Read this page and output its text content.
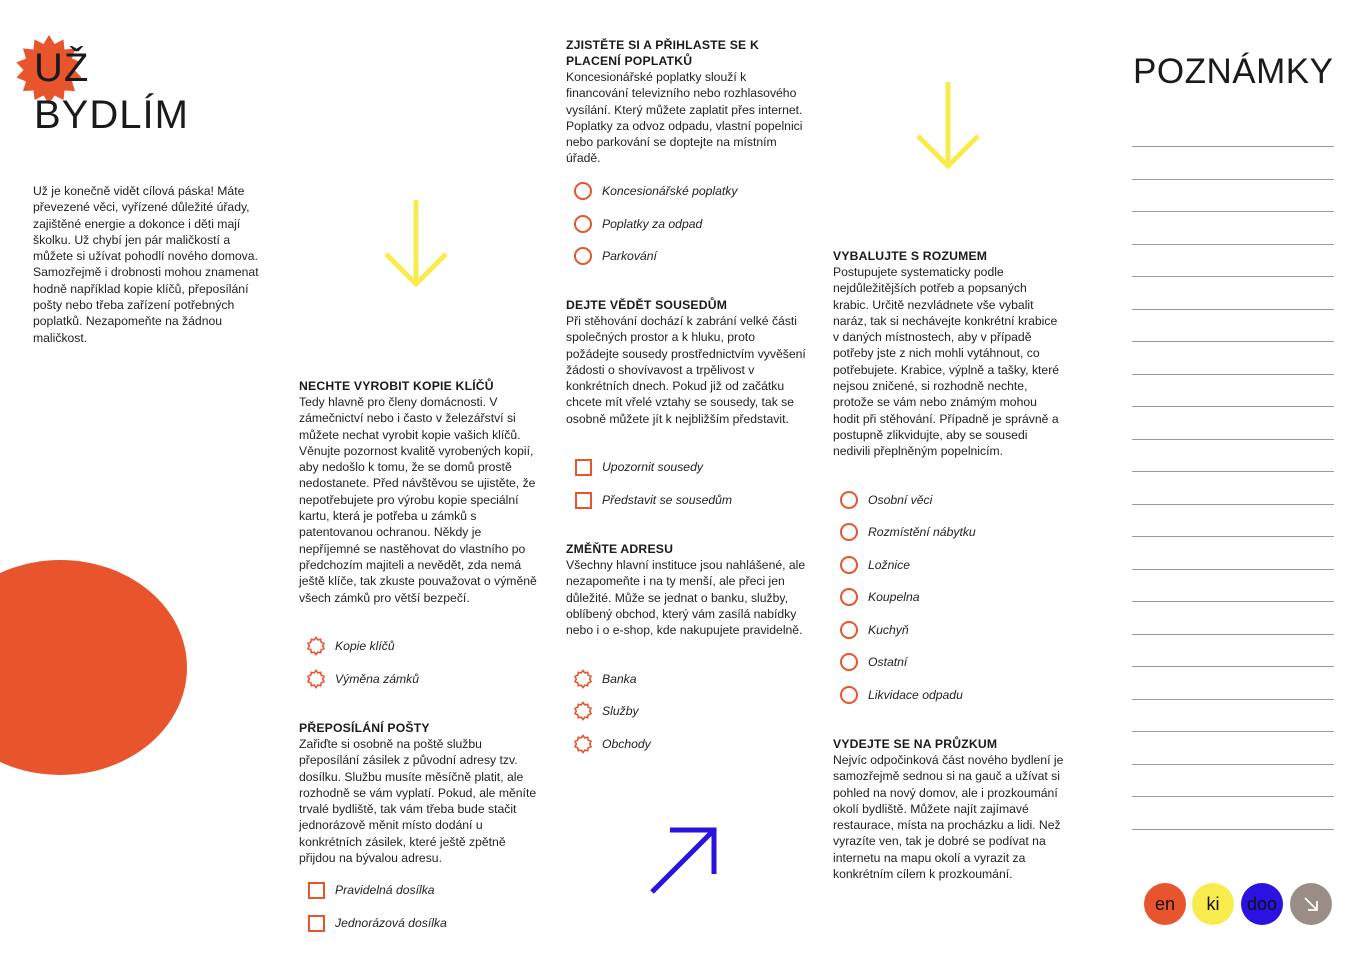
UŽ
BYDLÍM
Už je konečně vidět cílová páska! Máte převezené věci, vyřízené důležité úřady, zajištěné energie a dokonce i děti mají školku. Už chybí jen pár maličkostí a můžete si užívat pohodlí nového domova. Samozřejmě i drobnosti mohou znamenat hodně například kopie klíčů, přeposílání pošty nebo třeba zařízení potřebných poplatků. Nezapomeňte na žádnou maličkost.
NECHTE VYROBIT KOPIE KLÍČŮ
Tedy hlavně pro členy domácnosti. V zámečnictví nebo i často v železářství si můžete nechat vyrobit kopie vašich klíčů. Věnujte pozornost kvalitě vyrobených kopií, aby nedošlo k tomu, že se domů prostě nedostanete. Před návštěvou se ujistěte, že nepotřebujete pro výrobu kopie speciální kartu, která je potřeba u zámků s patentovanou ochranou. Někdy je nepříjemné se nastěhovat do vlastního po předchozím majiteli a nevědět, zda nemá ještě klíče, tak zkuste pouvažovat o výměně všech zámků pro větší bezpečí.
Kopie klíčů
Výměna zámků
PŘEPOSÍLÁNÍ POŠTY
Zařiďte si osobně na poště službu přeposílání zásilek z původní adresy tzv. dosílku. Službu musíte měsíčně platit, ale rozhodně se vám vyplatí. Pokud, ale měníte trvalé bydliště, tak vám třeba bude stačit jednorázově měnit místo dodání u konkrétních zásilek, které ještě zpětně přijdou na bývalou adresu.
Pravidelná dosílka
Jednorázová dosílka
ZJISTĚTE SI A PŘIHLASTE SE K PLACENÍ POPLATKŮ
Koncesionářské poplatky slouží k financování televizního nebo rozhlasového vysílání. Který můžete zaplatit přes internet. Poplatky za odvoz odpadu, vlastní popelnici nebo parkování se doptejte na místním úřadě.
Koncesionářské poplatky
Poplatky za odpad
Parkování
DEJTE VĚDĚT SOUSEDŮM
Při stěhování dochází k zabrání velké části společných prostor a k hluku, proto požádejte sousedy prostřednictvím vyvěšení žádosti o shovívavost a trpělivost v konkrétních dnech. Pokud již od začátku chcete mít vřelé vztahy se sousedy, tak se osobně můžete jít k nejbližším představit.
Upozornit sousedy
Představit se sousedům
ZMĚŇTE ADRESU
Všechny hlavní instituce jsou nahlášené, ale nezapomeňte i na ty menší, ale přeci jen důležité. Může se jednat o banku, služby, oblíbený obchod, který vám zasílá nabídky nebo i o e-shop, kde nakupujete pravidelně.
Banka
Služby
Obchody
VYBALUJTE S ROZUMEM
Postupujete systematicky podle nejdůležitějších potřeb a popsaných krabic. Určitě nezvládnete vše vybalit naráz, tak si nechávejte konkrétní krabice v daných místnostech, aby v případě potřeby jste z nich mohli vytáhnout, co potřebujete. Krabice, výplně a tašky, které nejsou zničené, si rozhodně nechte, protože se vám nebo známým mohou hodit při stěhování. Případně je správně a postupně zlikvidujte, aby se sousedi nedivili přeplněným popelnicím.
Osobní věci
Rozmístění nábytku
Ložnice
Koupelna
Kuchyň
Ostatní
Likvidace odpadu
VYDEJTE SE NA PRŮZKUM
Nejvíc odpočinková část nového bydlení je samozřejmě sednou si na gauč a užívat si pohled na nový domov, ale i prozkoumání okolí bydliště. Můžete najít zajímavé restaurace, místa na procházku a lidi. Než vyrazíte ven, tak je dobré se podívat na internetu na mapu okolí a vyrazit za konkrétním cílem k prozkoumání.
POZNÁMKY
en ki doo
